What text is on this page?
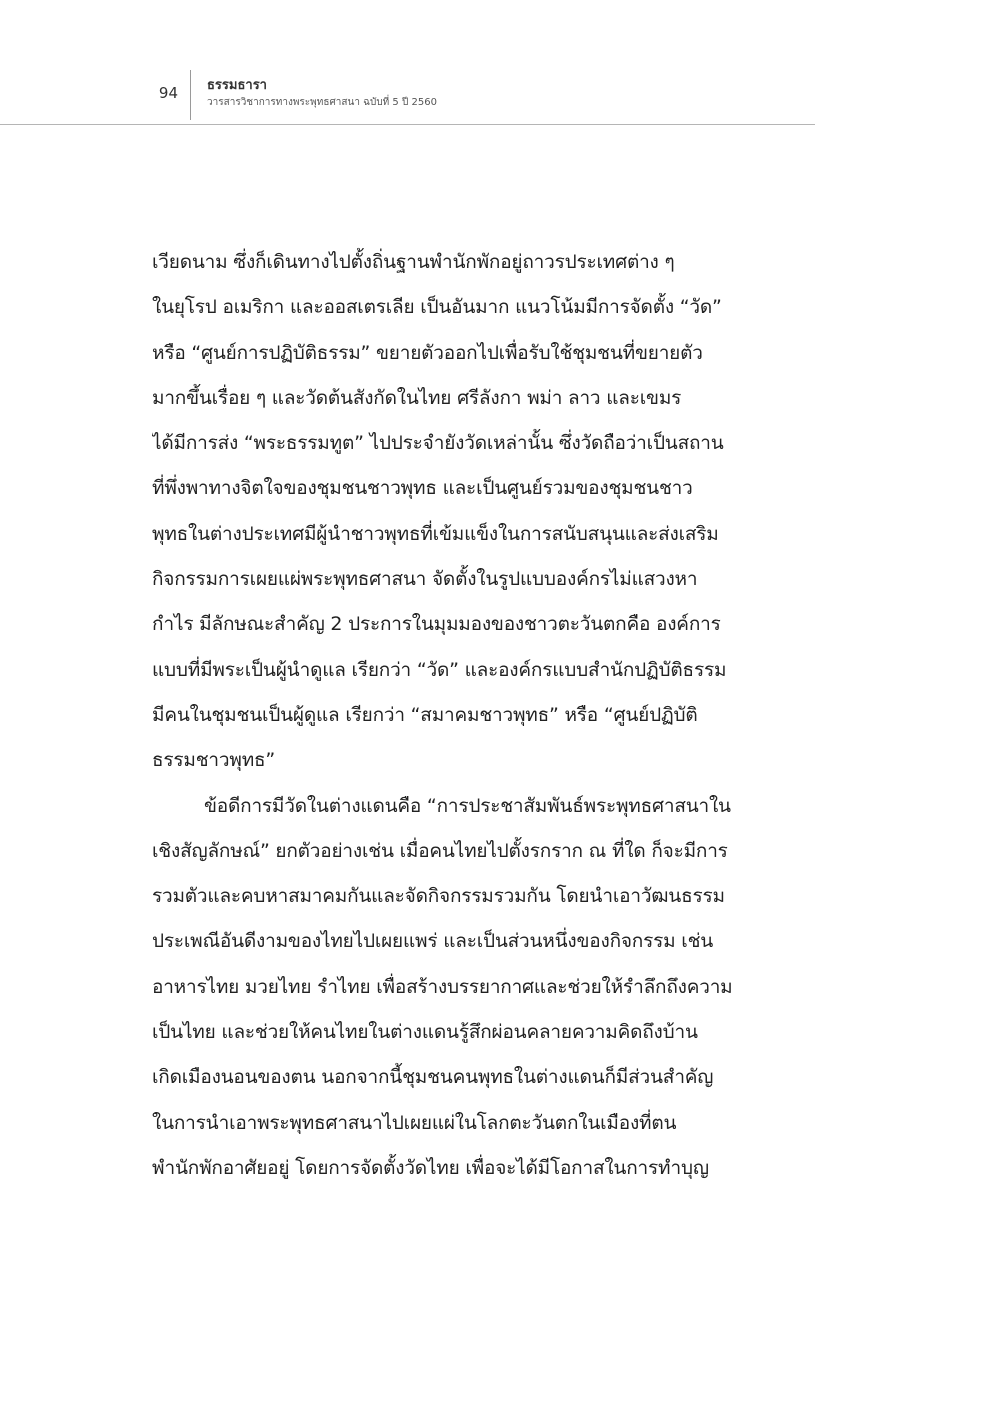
94 ธรรมธารา
วารสารวิชาการทางพระพุทธศาสนา ฉบับที่ 5 ปี 2560
เวียดนาม ซึ่งก็เดินทางไปตั้งถิ่นฐานพำนักพักอยู่ถาวรประเทศต่าง ๆ
ในยุโรป อเมริกา และออสเตรเลีย เป็นอันมาก แนวโน้มมีการจัดตั้ง “วัด”
หรือ “ศูนย์การปฏิบัติธรรม” ขยายตัวออกไปเพื่อรับใช้ชุมชนที่ขยายตัว
มากขึ้นเรื่อย ๆ และวัดต้นสังกัดในไทย ศรีลังกา พม่า ลาว และเขมร
ได้มีการส่ง “พระธรรมทูต” ไปประจำยังวัดเหล่านั้น ซึ่งวัดถือว่าเป็นสถาน
ที่พึ่งพาทางจิตใจของชุมชนชาวพุทธ และเป็นศูนย์รวมของชุมชนชาว
พุทธในต่างประเทศมีผู้นำชาวพุทธที่เข้มแข็งในการสนับสนุนและส่งเสริม
กิจกรรมการเผยแผ่พระพุทธศาสนา จัดตั้งในรูปแบบองค์กรไม่แสวงหา
กำไร มีลักษณะสำคัญ 2 ประการในมุมมองของชาวตะวันตกคือ องค์การ
แบบที่มีพระเป็นผู้นำดูแล เรียกว่า “วัด” และองค์กรแบบสำนักปฏิบัติธรรม
มีคนในชุมชนเป็นผู้ดูแล เรียกว่า “สมาคมชาวพุทธ” หรือ “ศูนย์ปฏิบัติ
ธรรมชาวพุทธ”
ข้อดีการมีวัดในต่างแดนคือ “การประชาสัมพันธ์พระพุทธศาสนาใน
เชิงสัญลักษณ์” ยกตัวอย่างเช่น เมื่อคนไทยไปตั้งรกราก ณ ที่ใด ก็จะมีการ
รวมตัวและคบหาสมาคมกันและจัดกิจกรรมรวมกัน โดยนำเอาวัฒนธรรม
ประเพณีอันดีงามของไทยไปเผยแพร่ และเป็นส่วนหนึ่งของกิจกรรม เช่น
อาหารไทย มวยไทย รำไทย เพื่อสร้างบรรยากาศและช่วยให้รำลึกถึงความ
เป็นไทย และช่วยให้คนไทยในต่างแดนรู้สึกผ่อนคลายความคิดถึงบ้าน
เกิดเมืองนอนของตน นอกจากนี้ชุมชนคนพุทธในต่างแดนก็มีส่วนสำคัญ
ในการนำเอาพระพุทธศาสนาไปเผยแผ่ในโลกตะวันตกในเมืองที่ตน
พำนักพักอาศัยอยู่ โดยการจัดตั้งวัดไทย เพื่อจะได้มีโอกาสในการทำบุญ
